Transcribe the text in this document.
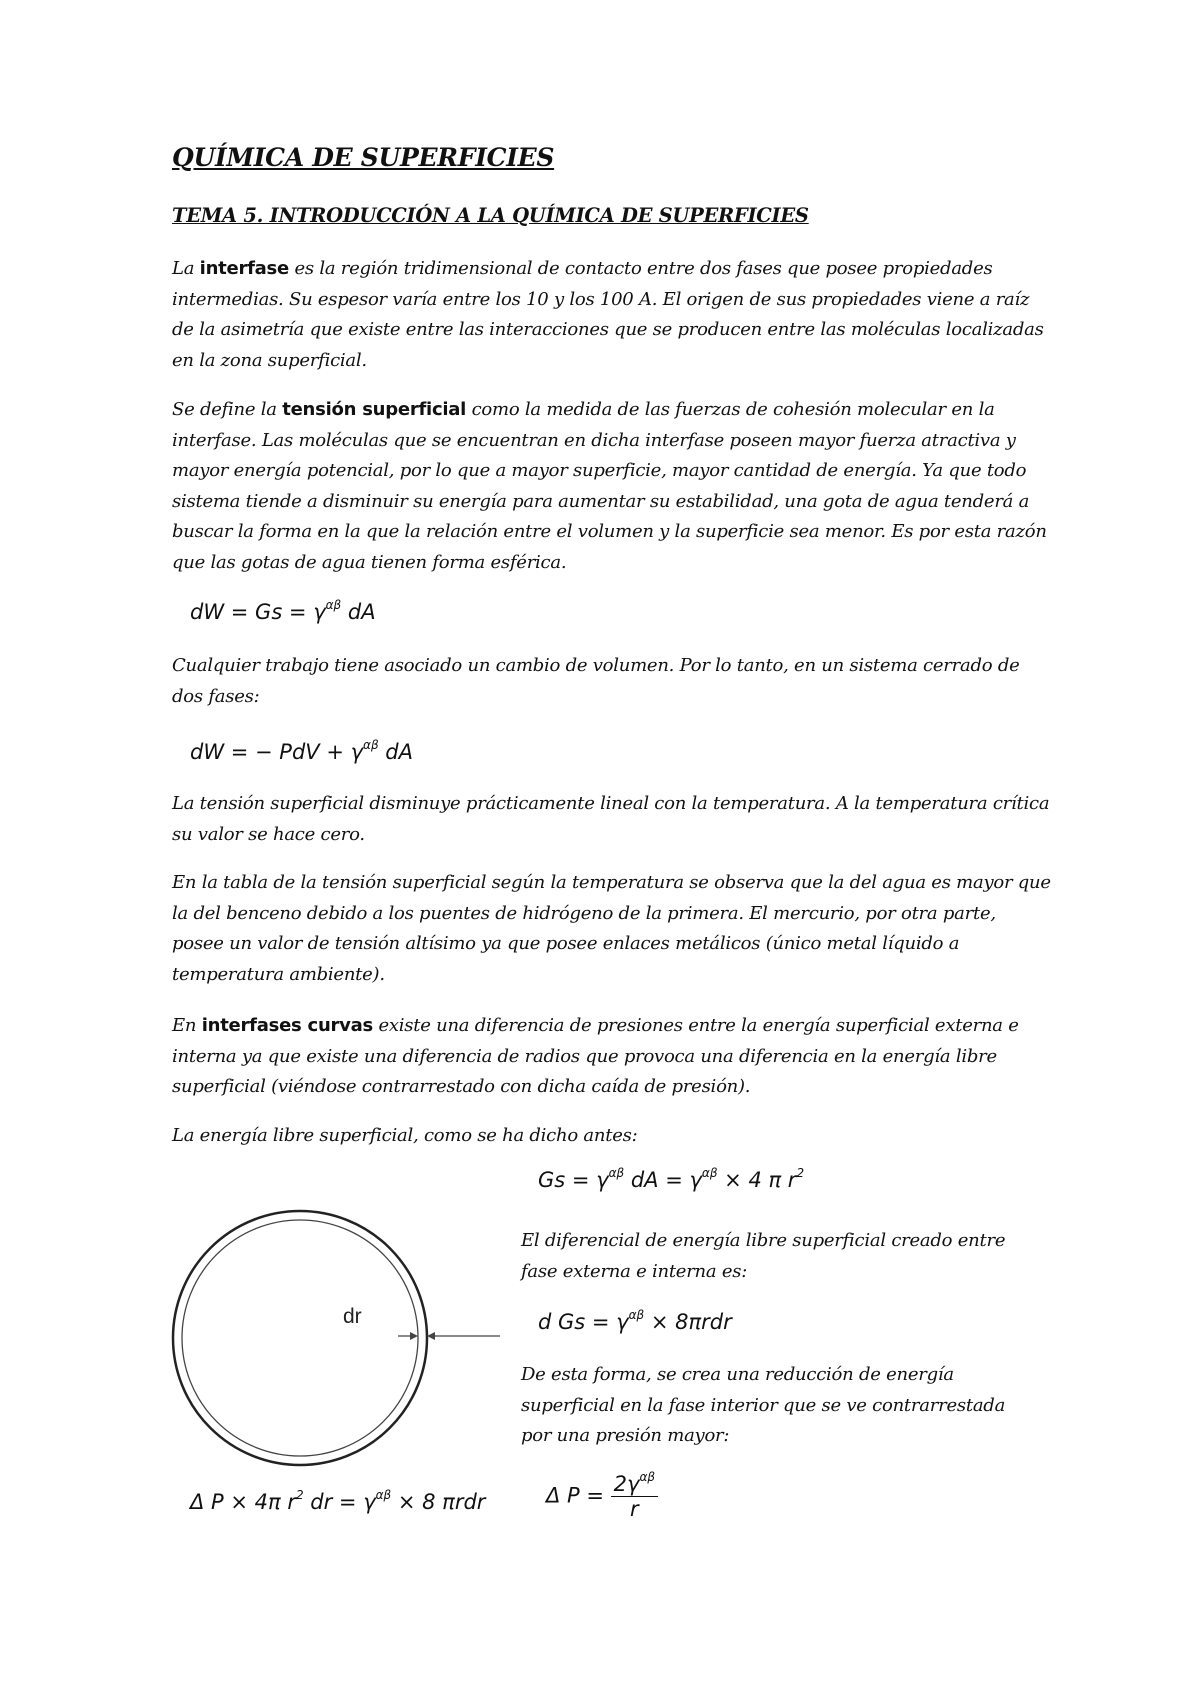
QUÍMICA DE SUPERFICIES
TEMA 5. INTRODUCCIÓN A LA QUÍMICA DE SUPERFICIES
La interfase es la región tridimensional de contacto entre dos fases que posee propiedades intermedias. Su espesor varía entre los 10 y los 100 A. El origen de sus propiedades viene a raíz de la asimetría que existe entre las interacciones que se producen entre las moléculas localizadas en la zona superficial.
Se define la tensión superficial como la medida de las fuerzas de cohesión molecular en la interfase. Las moléculas que se encuentran en dicha interfase poseen mayor fuerza atractiva y mayor energía potencial, por lo que a mayor superficie, mayor cantidad de energía. Ya que todo sistema tiende a disminuir su energía para aumentar su estabilidad, una gota de agua tenderá a buscar la forma en la que la relación entre el volumen y la superficie sea menor. Es por esta razón que las gotas de agua tienen forma esférica.
dW = $Gs = \gamma^{\alpha\beta}$ dA
Cualquier trabajo tiene asociado un cambio de volumen. Por lo tanto, en un sistema cerrado de dos fases:
dW = − PdV + $\gamma^{\alpha\beta}$ dA
La tensión superficial disminuye prácticamente lineal con la temperatura. A la temperatura crítica su valor se hace cero.
En la tabla de la tensión superficial según la temperatura se observa que la del agua es mayor que la del benceno debido a los puentes de hidrógeno de la primera. El mercurio, por otra parte, posee un valor de tensión altísimo ya que posee enlaces metálicos (único metal líquido a temperatura ambiente).
En interfases curvas existe una diferencia de presiones entre la energía superficial externa e interna ya que existe una diferencia de radios que provoca una diferencia en la energía libre superficial (viéndose contrarrestado con dicha caída de presión).
La energía libre superficial, como se ha dicho antes:
dr
$Gs = \gamma^{\alpha\beta}$ dA = $\gamma^{\alpha\beta} \times 4$ π $r^2$
El diferencial de energía libre superficial creado entre fase externa e interna es:
d $Gs = \gamma^{\alpha\beta} \times 8\pi rdr$
De esta forma, se crea una reducción de energía superficial en la fase interior que se ve contrarrestada por una presión mayor:
Δ P × 4π $r^2$ dr = $\gamma^{\alpha\beta} \times 8$ πrdr	Δ $P = \frac{2\gamma^{\alpha\beta}}{r}$
